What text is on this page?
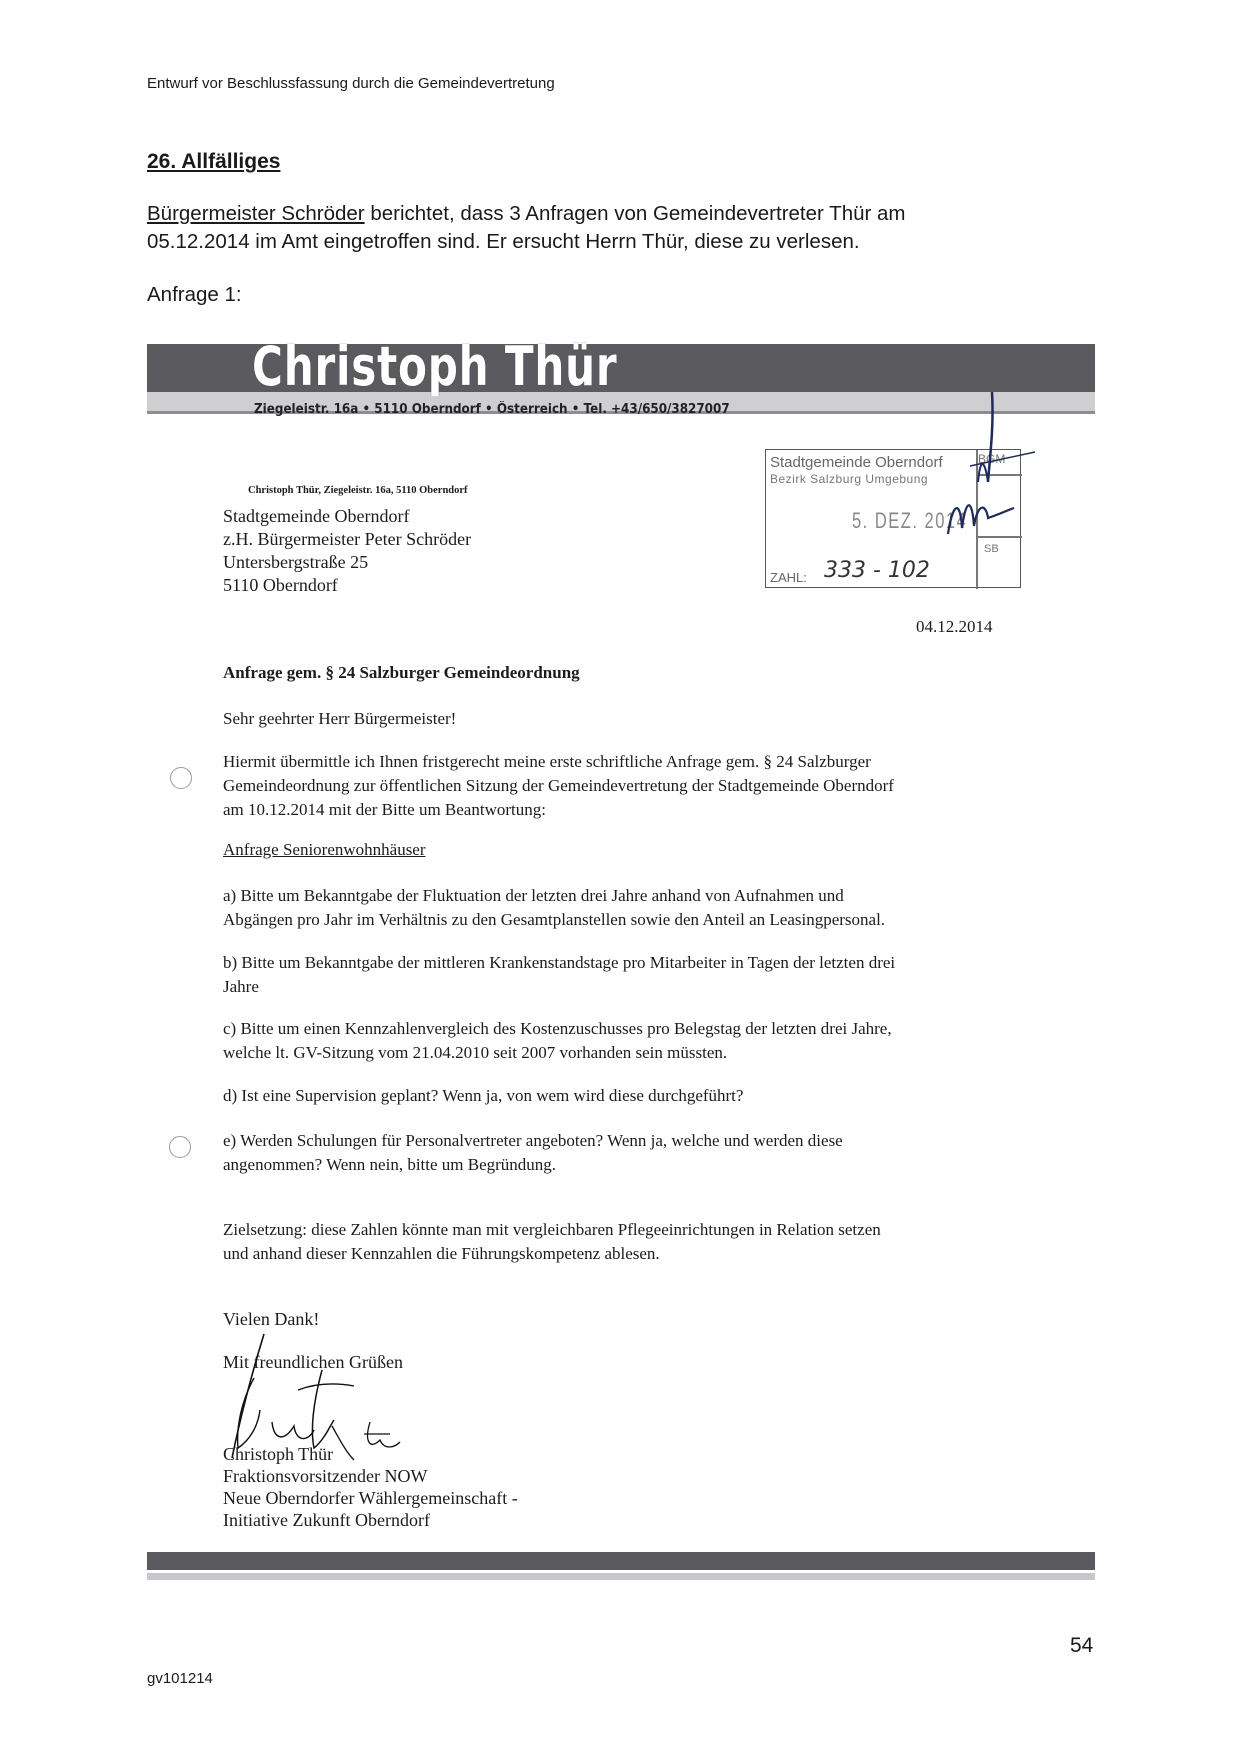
Entwurf vor Beschlussfassung durch die Gemeindevertretung

26. Allfälliges

Bürgermeister Schröder berichtet, dass 3 Anfragen von Gemeindevertreter Thür am

05.12.2014 im Amt eingetroffen sind. Er ersucht Herrn Thür, diese zu verlesen.

Anfrage 1:

Christoph Thür
Ziegeleistr. 16a • 5110 Oberndorf • Österreich • Tel. +43/650/3827007
Stadtgemeinde Oberndorf
Bezirk Salzburg Umgebung
5. DEZ. 2014
ZAHL: 333 - 102
BGM
SB

Christoph Thür, Ziegeleistr. 16a, 5110 Oberndorf

Stadtgemeinde Oberndorf
z.H. Bürgermeister Peter Schröder
Untersbergstraße 25
5110 Oberndorf

04.12.2014

Anfrage gem. § 24 Salzburger Gemeindeordnung

Sehr geehrter Herr Bürgermeister!

Hiermit übermittle ich Ihnen fristgerecht meine erste schriftliche Anfrage gem. § 24 Salzburger
Gemeindeordnung zur öffentlichen Sitzung der Gemeindevertretung der Stadtgemeinde Oberndorf
am 10.12.2014 mit der Bitte um Beantwortung:

Anfrage Seniorenwohnhäuser

a) Bitte um Bekanntgabe der Fluktuation der letzten drei Jahre anhand von Aufnahmen und
Abgängen pro Jahr im Verhältnis zu den Gesamtplanstellen sowie den Anteil an Leasingpersonal.
b) Bitte um Bekanntgabe der mittleren Krankenstandstage pro Mitarbeiter in Tagen der letzten drei
Jahre
c) Bitte um einen Kennzahlenvergleich des Kostenzuschusses pro Belegstag der letzten drei Jahre,
welche lt. GV-Sitzung vom 21.04.2010 seit 2007 vorhanden sein müssten.
d) Ist eine Supervision geplant? Wenn ja, von wem wird diese durchgeführt?
e) Werden Schulungen für Personalvertreter angeboten? Wenn ja, welche und werden diese
angenommen? Wenn nein, bitte um Begründung.
Zielsetzung: diese Zahlen könnte man mit vergleichbaren Pflegeeinrichtungen in Relation setzen
und anhand dieser Kennzahlen die Führungskompetenz ablesen.

Vielen Dank!

Mit freundlichen Grüßen

Christoph Thür
Fraktionsvorsitzender NOW
Neue Oberndorfer Wählergemeinschaft -
Initiative Zukunft Oberndorf

54

gv101214
